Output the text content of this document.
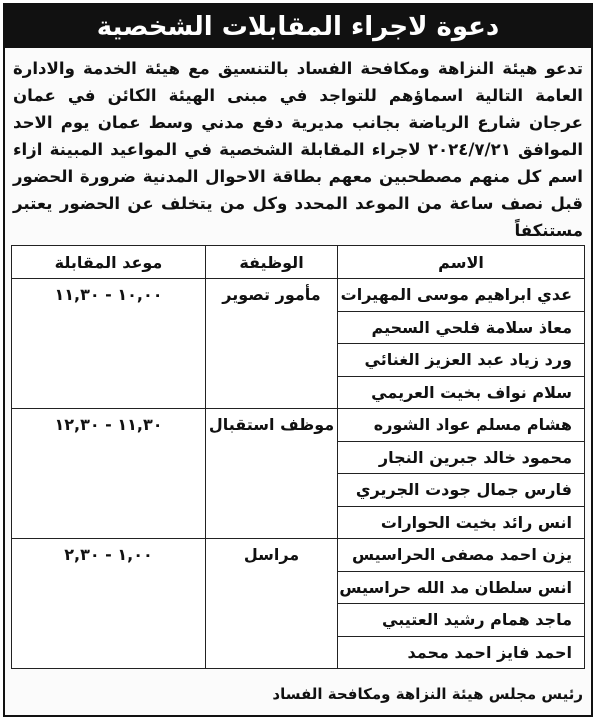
دعوة لاجراء المقابلات الشخصية
تدعو هيئة النزاهة ومكافحة الفساد بالتنسيق مع هيئة الخدمة والادارة العامة التالية اسماؤهم للتواجد في مبنى الهيئة الكائن في عمان عرجان شارع الرياضة بجانب مديرية دفع مدني وسط عمان يوم الاحد الموافق ٢٠٢٤/٧/٢١ لاجراء المقابلة الشخصية في المواعيد المبينة ازاء اسم كل منهم مصطحبين معهم بطاقة الاحوال المدنية ضرورة الحضور قبل نصف ساعة من الموعد المحدد وكل من يتخلف عن الحضور يعتبر مستنكفاً
الاسم	الوظيفة	موعد المقابلة
عدي ابراهيم موسى المهيرات	مأمور تصوير	١٠,٠٠ - ١١,٣٠
معاذ سلامة فلحي السحيم		
ورد زياد عبد العزيز الغنائي		
سلام نواف بخيت العريمي		
هشام مسلم عواد الشوره	موظف استقبال	١١,٣٠ - ١٢,٣٠
محمود خالد جبرين النجار		
فارس جمال جودت الجريري		
انس رائد بخيت الحوارات		
يزن احمد مصفى الحراسيس	مراسل	١,٠٠ - ٢,٣٠
انس سلطان مد الله حراسيس		
ماجد همام رشيد العتيبي		
احمد فايز احمد محمد		
رئيس مجلس هيئة النزاهة ومكافحة الفساد
